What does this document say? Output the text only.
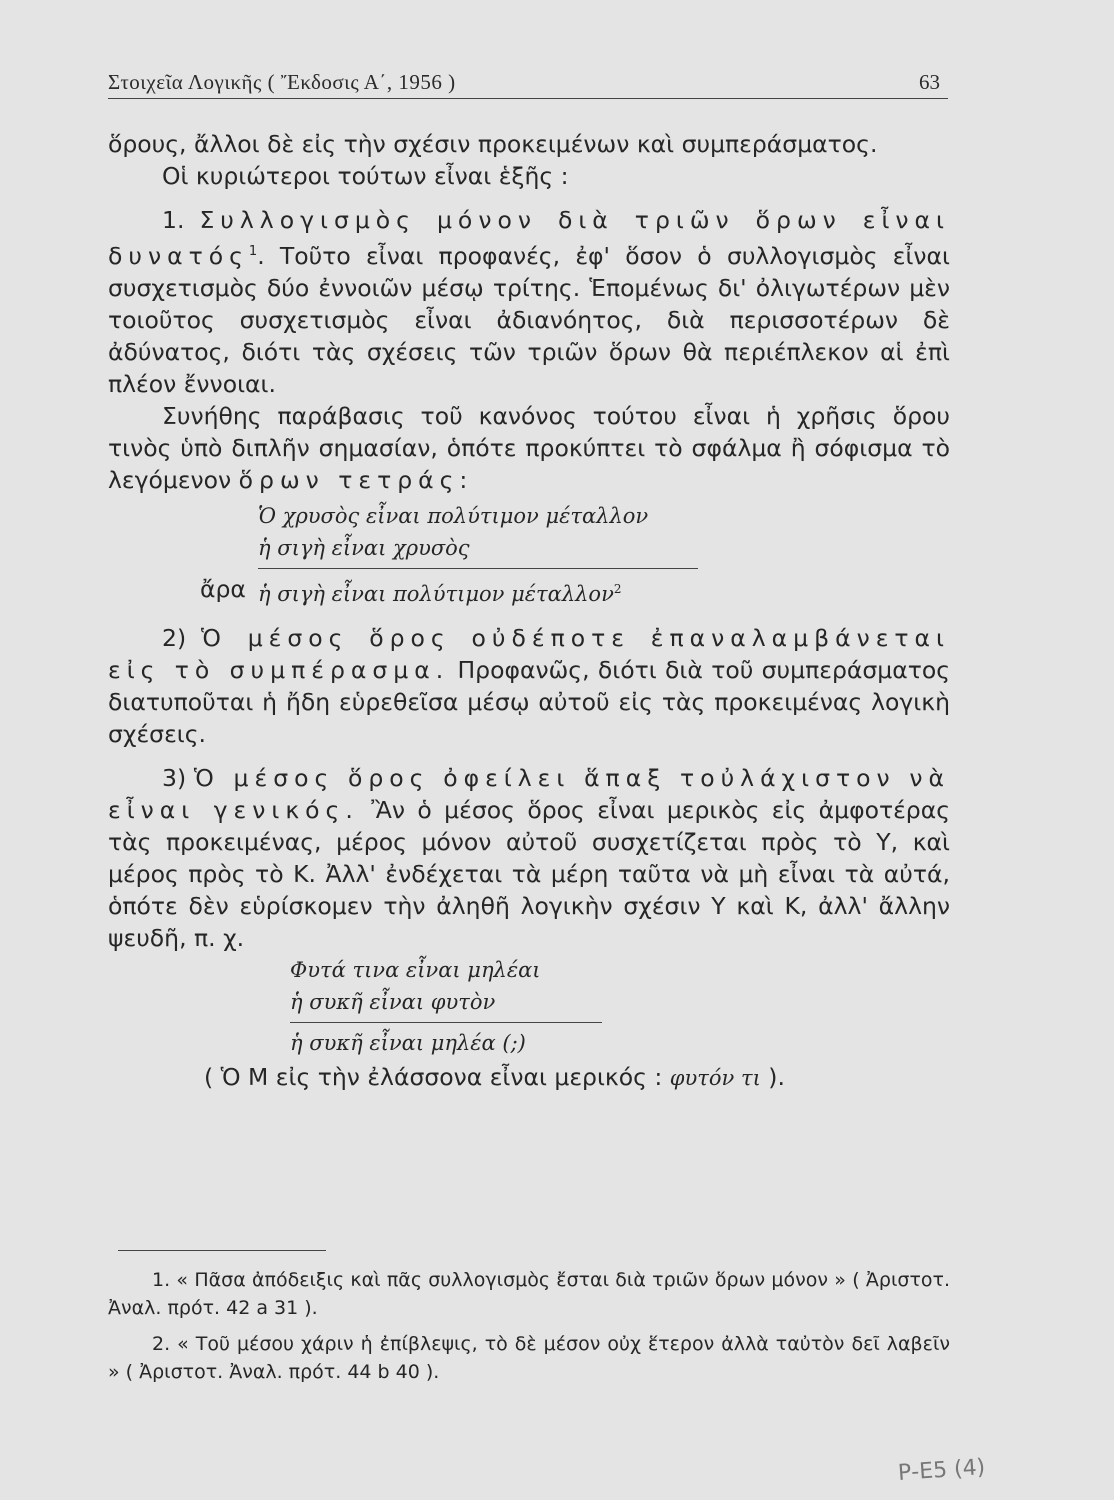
Στοιχεῖα Λογικῆς ( Ἔκδοσις Α΄, 1956 )	63

ὅρους, ἄλλοι δὲ εἰς τὴν σχέσιν προκειμένων καὶ συμπεράσματος.

Οἱ κυριώτεροι τούτων εἶναι ἑξῆς :

1. Συλλογισμὸς μόνον διὰ τριῶν ὅρων εἶναι δυνατός$^1$. Τοῦτο εἶναι προφανές, ἐφ' ὅσον ὁ συλλογισμὸς εἶναι συσχετισμὸς δύο ἐννοιῶν μέσῳ τρίτης. Ἑπομένως δι' ὀλιγωτέρων μὲν τοιοῦτος συσχετισμὸς εἶναι ἀδιανόητος, διὰ περισσοτέρων δὲ ἀδύνατος, διότι τὰς σχέσεις τῶν τριῶν ὅρων θὰ περιέπλεκον αἱ ἐπὶ πλέον ἔννοιαι.

Συνήθης παράβασις τοῦ κανόνος τούτου εἶναι ἡ χρῆσις ὅρου τινὸς ὑπὸ διπλῆν σημασίαν, ὁπότε προκύπτει τὸ σφάλμα ἢ σόφισμα τὸ λεγόμενον ὅρων τετράς:

Ὁ χρυσὸς εἶναι πολύτιμον μέταλλον
ἡ σιγὴ εἶναι χρυσὸς
ἄρα ἡ σιγὴ εἶναι πολύτιμον μέταλλον$^2$

2) Ὁ μέσος ὅρος οὐδέποτε ἐπαναλαμβάνεται εἰς τὸ συμπέρασμα. Προφανῶς, διότι διὰ τοῦ συμπεράσματος διατυποῦται ἡ ἤδη εὑρεθεῖσα μέσῳ αὐτοῦ εἰς τὰς προκειμένας λογικὴ σχέσεις.

3) Ὁ μέσος ὅρος ὀφείλει ἅπαξ τοὐλάχιστον νὰ εἶναι γενικός. Ἂν ὁ μέσος ὅρος εἶναι μερικὸς εἰς ἀμφοτέρας τὰς προκειμένας, μέρος μόνον αὐτοῦ συσχετίζεται πρὸς τὸ Υ, καὶ μέρος πρὸς τὸ Κ. Ἀλλ' ἐνδέχεται τὰ μέρη ταῦτα νὰ μὴ εἶναι τὰ αὐτά, ὁπότε δὲν εὑρίσκομεν τὴν ἀληθῆ λογικὴν σχέσιν Υ καὶ Κ, ἀλλ' ἄλλην ψευδῆ, π. χ.

Φυτά τινα εἶναι μηλέαι
ἡ συκῆ εἶναι φυτὸν
ἡ συκῆ εἶναι μηλέα (;)

( Ὁ Μ εἰς τὴν ἐλάσσονα εἶναι μερικός : φυτόν τι ).

1. « Πᾶσα ἀπόδειξις καὶ πᾶς συλλογισμὸς ἔσται διὰ τριῶν ὅρων μόνον » ( Ἀριστοτ. Ἀναλ. πρότ. 42 a 31 ).

2. « Τοῦ μέσου χάριν ἡ ἐπίβλεψις, τὸ δὲ μέσον οὐχ ἕτερον ἀλλὰ ταὐτὸν δεῖ λαβεῖν » ( Ἀριστοτ. Ἀναλ. πρότ. 44 b 40 ).

Ρ-Ε5 (4)
